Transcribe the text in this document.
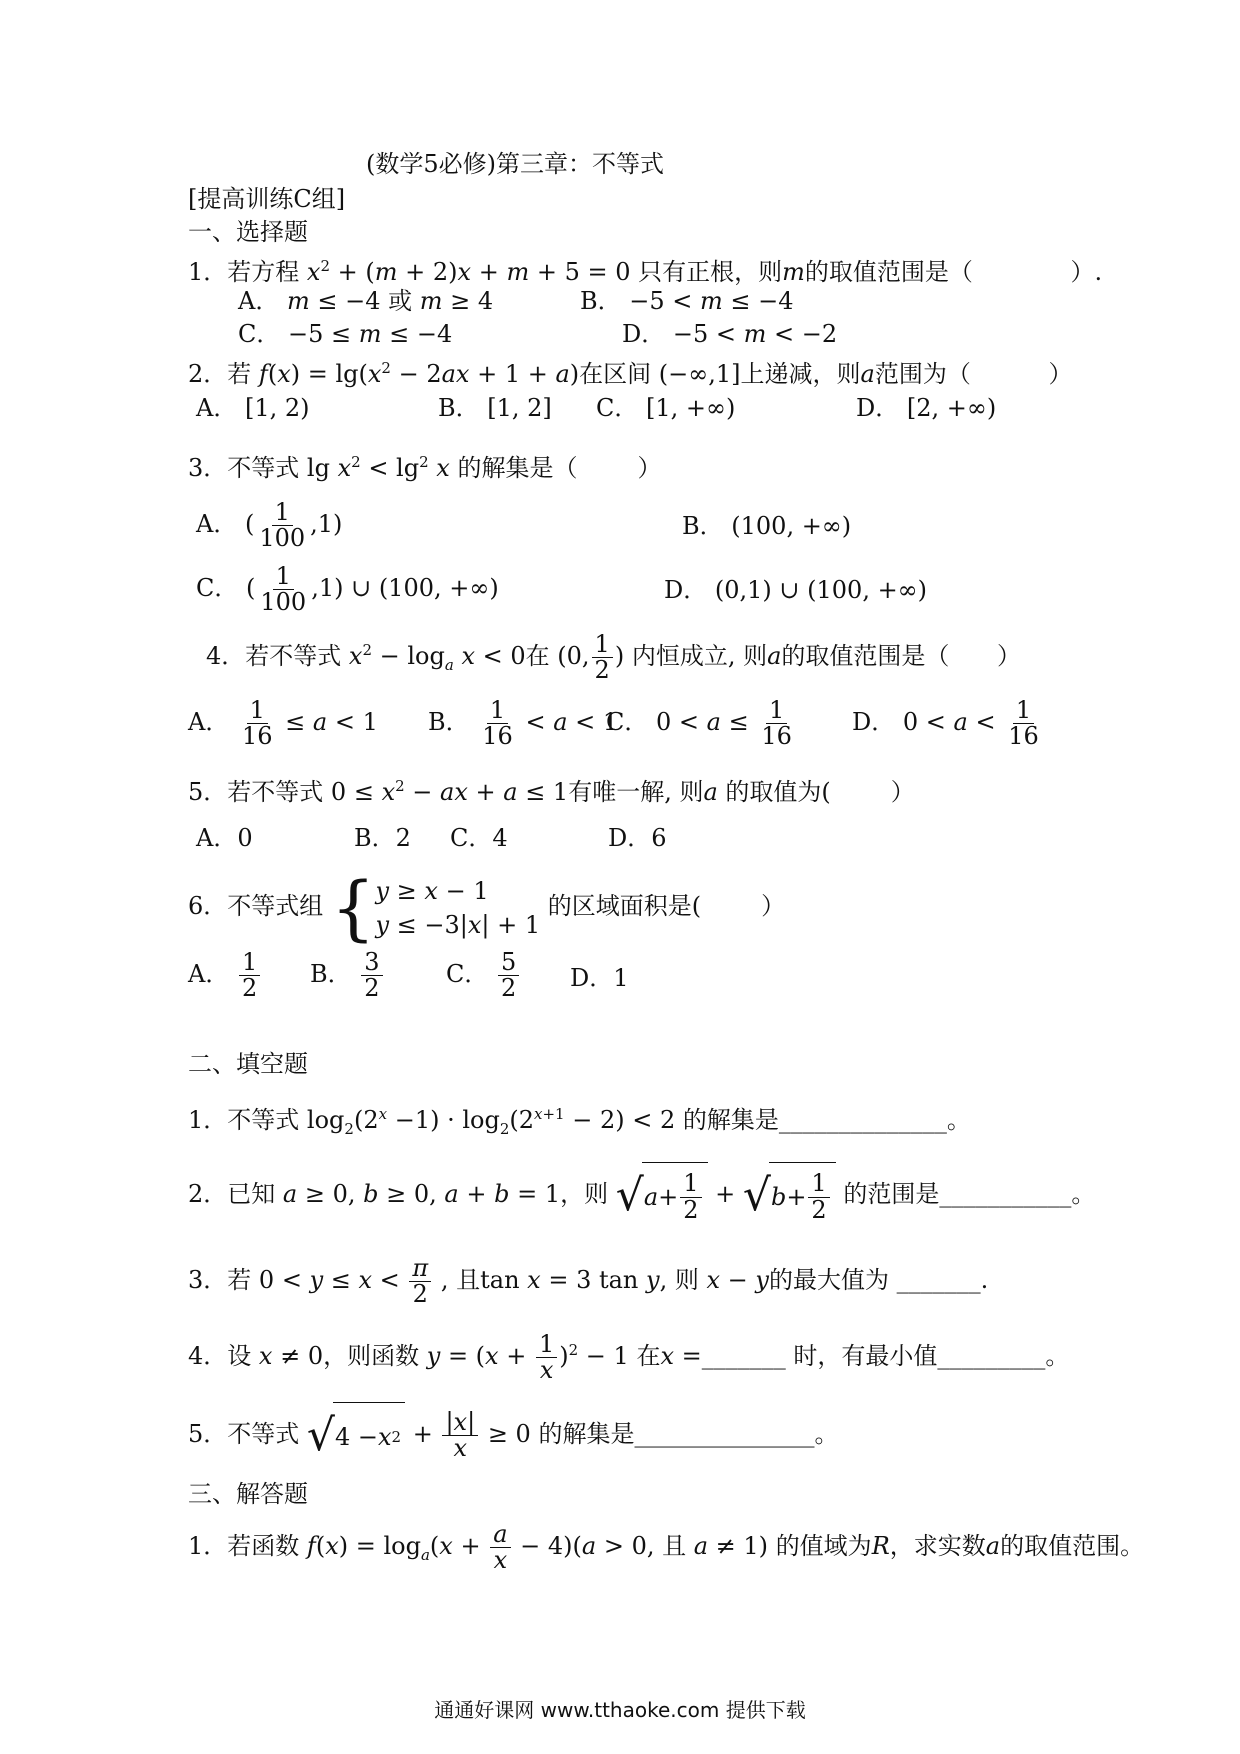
(数学5必修)第三章：不等式
[提高训练C组]
一、选择题
1．若方程 $x^2 + (m + 2)x + m + 5 = 0$ 只有正根，则m的取值范围是（	）.
A． m ≤ −4 或 m ≥ 4	B． −5 < m ≤ −4
C． −5 ≤ m ≤ −4	D． −5 < m < −2
2．若 $f(x) = \lg(x^2 - 2ax + 1 + a)$在区间 (−∞,1]上递减，则a范围为（	）
A． [1, 2)	B． [1, 2] C． [1, +∞)	D． [2, +∞)
3．不等式 $\lg x^2 < \lg^2 x$ 的解集是（	）
A． ( $\frac{1}{100} ,1$)	B． (100, +∞)
C． ( $\frac{1}{100} ,1$) ∪ (100, +∞)	D． (0,1) ∪ (100, +∞)
4．若不等式 $x^2 - \log_a x < 0$在 (0, $\frac{1}{2}$ ) 内恒成立, 则a的取值范围是（ ）
A． $\frac{1}{16} \le a < 1$ B． $\frac{1}{16} < a < 1$
C． $0 < a \le \frac{1}{16}$ D． $0 < a < \frac{1}{16}$
5．若不等式 $0 \le x^2$ − ax + a ≤ 1有唯一解, 则a 的取值为(	）
A．0	B．2 C．4	D．6
6．不等式组 { y ≥ x − 1
y ≤ −3|x| + 1
的区域面积是(	）
A． $\frac{1}{2}$ B． $\frac{3}{2}$	C． $\frac{5}{2}$ D．1
二、填空题
1．不等式 $\log_2(2^x -1) \cdot \log_2(2^{x+1} - 2) < 2$ 的解集是______________。
2．已知 a ≥ 0, b ≥ 0, a + b = 1，则 √ $a + \frac{1}{2}$ + √ $b + \frac{1}{2}$ 的范围是___________。
3．若 $0 < y \le x < \frac{\pi}{2}$ , 且tan x = 3 tan y, 则 x − y的最大值为 _______.
4．设 x ≠ 0，则函数 $y = (x + \frac{1}{x} )^2 - 1$ 在x =_______ 时，有最小值_________。
5．不等式 √ 4 − x $2 + \frac{|x|}{x} \ge 0$ 的解集是_______________。
三、解答题
1．若函数 $f(x) = \log_a(x + \frac{a}{x} - 4)(a > 0$, 且 a ≠ 1) 的值域为R，求实数a的取值范围。
通通好课网 www.tthaoke.com 提供下载
